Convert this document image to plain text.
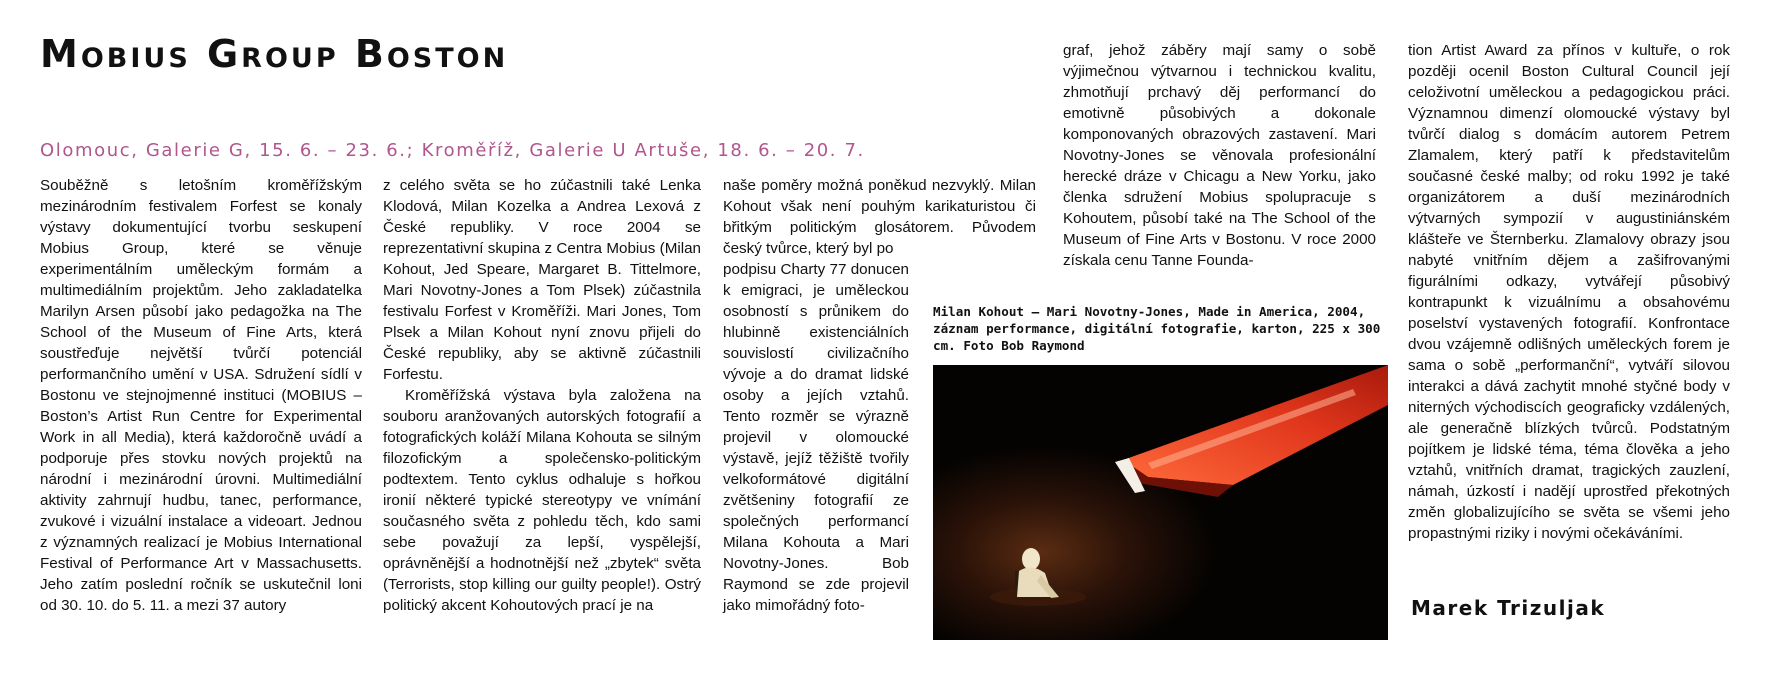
Mobius Group Boston

Olomouc, Galerie G, 15. 6. – 23. 6.; Kroměříž, Galerie U Artuše, 18. 6. – 20. 7.

Souběžně s letošním kroměřížským mezinárodním festivalem Forfest se konaly výstavy dokumentující tvorbu seskupení Mobius Group, které se věnuje experimentálním uměleckým formám a multimediálním projektům. Jeho zakladatelka Marilyn Arsen působí jako pedagožka na The School of the Museum of Fine Arts, která soustřeďuje největší tvůrčí potenciál performančního umění v USA. Sdružení sídlí v Bostonu ve stejnojmenné instituci (MOBIUS – Boston’s Artist Run Centre for Experimental Work in all Media), která každoročně uvádí a podporuje přes stovku nových projektů na národní i mezinárodní úrovni. Multimediální aktivity zahrnují hudbu, tanec, performance, zvukové i vizuální instalace a videoart. Jednou z významných realizací je Mobius International Festival of Performance Art v Massachusetts. Jeho zatím poslední ročník se uskutečnil loni od 30. 10. do 5. 11. a mezi 37 autory

z celého světa se ho zúčastnili také Lenka Klodová, Milan Kozelka a Andrea Lexová z České republiky. V roce 2004 se reprezentativní skupina z Centra Mobius (Milan Kohout, Jed Speare, Margaret B. Tittelmore, Mari Novotny-Jones a Tom Plsek) zúčastnila festivalu Forfest v Kroměříži. Mari Jones, Tom Plsek a Milan Kohout nyní znovu přijeli do České republiky, aby se aktivně zúčastnili Forfestu.

Kroměřížská výstava byla založena na souboru aranžovaných autorských fotografií a fotografických koláží Milana Kohouta se silným filozofickým a společensko-politickým podtextem. Tento cyklus odhaluje s hořkou ironií některé typické stereotypy ve vnímání současného světa z pohledu těch, kdo sami sebe považují za lepší, vyspělejší, oprávněnější a hodnotnější než „zbytek“ světa (Terrorists, stop killing our guilty people!). Ostrý politický akcent Kohoutových prací je na

naše poměry možná poněkud nezvyklý. Milan Kohout však není pouhým karikaturistou či břitkým politickým glosátorem. Původem český tvůrce, který byl po

podpisu Charty 77 donucen k emigraci, je uměleckou osobností s průnikem do hlubinně existenciálních souvislostí civilizačního vývoje a do dramat lidské osoby a jejích vztahů. Tento rozměr se výrazně projevil v olomoucké výstavě, jejíž těžiště tvořily velkoformátové digitální zvětšeniny fotografií ze společných performancí Milana Kohouta a Mari Novotny-Jones. Bob Raymond se zde projevil jako mimořádný foto-

graf, jehož záběry mají samy o sobě výjimečnou výtvarnou i technickou kvalitu, zhmotňují prchavý děj performancí do emotivně působivých a dokonale komponovaných obrazových zastavení. Mari Novotny-Jones se věnovala profesionální herecké dráze v Chicagu a New Yorku, jako členka sdružení Mobius spolupracuje s Kohoutem, působí také na The School of the Museum of Fine Arts v Bostonu. V roce 2000 získala cenu Tanne Founda-

tion Artist Award za přínos v kultuře, o rok později ocenil Boston Cultural Council její celoživotní uměleckou a pedagogickou práci. Významnou dimenzí olomoucké výstavy byl tvůrčí dialog s domácím autorem Petrem Zlamalem, který patří k představitelům současné české malby; od roku 1992 je také organizátorem a duší mezinárodních výtvarných sympozií v augustiniánském klášteře ve Šternberku. Zlamalovy obrazy jsou nabyté vnitřním dějem a zašifrovanými figurálními odkazy, vytvářejí působivý kontrapunkt k vizuálnímu a obsahovému poselství vystavených fotografií. Konfrontace dvou vzájemně odlišných uměleckých forem je sama o sobě „performanční“, vytváří silovou interakci a dává zachytit mnohé styčné body v niterných východiscích geograficky vzdálených, ale generačně blízkých tvůrců. Podstatným pojítkem je lidské téma, téma člověka a jeho vztahů, vnitřních dramat, tragických zauzlení, námah, úzkostí i nadějí uprostřed překotných změn globalizujícího se světa se všemi jeho propastnými riziky i novými očekáváními.

Milan Kohout – Mari Novotny-Jones, Made in America, 2004, záznam performance, digitální fotografie, karton, 225 x 300 cm. Foto Bob Raymond

Marek Trizuljak
